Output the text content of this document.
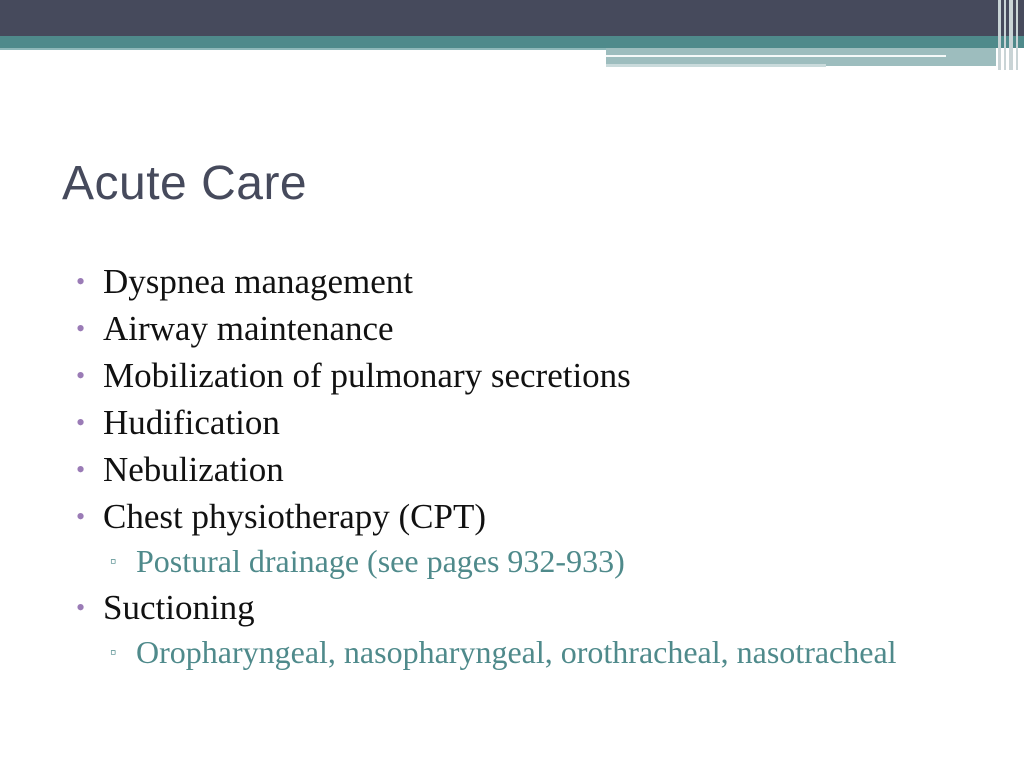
Acute Care
• Dyspnea management
• Airway maintenance
• Mobilization of pulmonary secretions
• Hudification
• Nebulization
• Chest physiotherapy (CPT)
▫ Postural drainage (see pages 932-933)
• Suctioning
▫ Oropharyngeal, nasopharyngeal, orothracheal, nasotracheal
